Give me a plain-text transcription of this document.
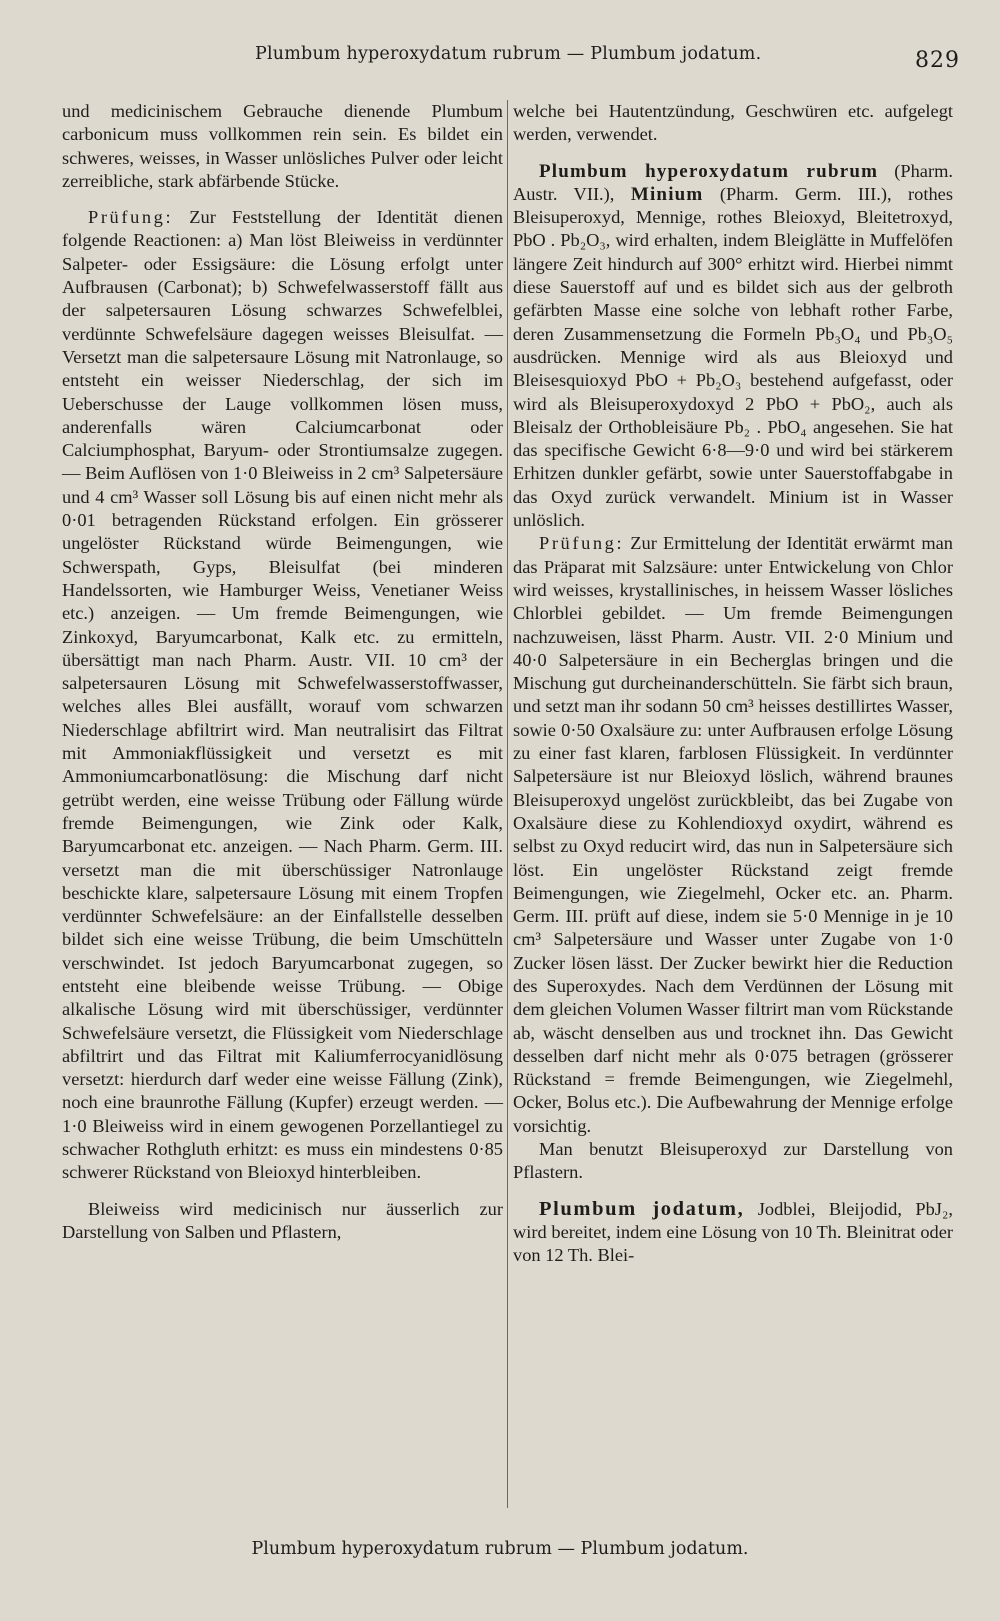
Plumbum hyperoxydatum rubrum — Plumbum jodatum.	829

und medicinischem Gebrauche dienende Plumbum carbonicum muss vollkommen rein sein. Es bildet ein schweres, weisses, in Wasser unlösliches Pulver oder leicht zerreibliche, stark abfärbende Stücke.

Prüfung: Zur Feststellung der Identität dienen folgende Reactionen: a) Man löst Bleiweiss in verdünnter Salpeter- oder Essigsäure: die Lösung erfolgt unter Aufbrausen (Carbonat); b) Schwefelwasserstoff fällt aus der salpetersauren Lösung schwarzes Schwefelblei, verdünnte Schwefelsäure dagegen weisses Bleisulfat. — Versetzt man die salpetersaure Lösung mit Natronlauge, so entsteht ein weisser Niederschlag, der sich im Ueberschusse der Lauge vollkommen lösen muss, anderenfalls wären Calciumcarbonat oder Calciumphosphat, Baryum- oder Strontiumsalze zugegen. — Beim Auflösen von 1·0 Bleiweiss in 2 cm³ Salpetersäure und 4 cm³ Wasser soll Lösung bis auf einen nicht mehr als 0·01 betragenden Rückstand erfolgen. Ein grösserer ungelöster Rückstand würde Beimengungen, wie Schwerspath, Gyps, Bleisulfat (bei minderen Handelssorten, wie Hamburger Weiss, Venetianer Weiss etc.) anzeigen. — Um fremde Beimengungen, wie Zinkoxyd, Baryumcarbonat, Kalk etc. zu ermitteln, übersättigt man nach Pharm. Austr. VII. 10 cm³ der salpetersauren Lösung mit Schwefelwasserstoffwasser, welches alles Blei ausfällt, worauf vom schwarzen Niederschlage abfiltrirt wird. Man neutralisirt das Filtrat mit Ammoniakflüssigkeit und versetzt es mit Ammoniumcarbonatlösung: die Mischung darf nicht getrübt werden, eine weisse Trübung oder Fällung würde fremde Beimengungen, wie Zink oder Kalk, Baryumcarbonat etc. anzeigen. — Nach Pharm. Germ. III. versetzt man die mit überschüssiger Natronlauge beschickte klare, salpetersaure Lösung mit einem Tropfen verdünnter Schwefelsäure: an der Einfallstelle desselben bildet sich eine weisse Trübung, die beim Umschütteln verschwindet. Ist jedoch Baryumcarbonat zugegen, so entsteht eine bleibende weisse Trübung. — Obige alkalische Lösung wird mit überschüssiger, verdünnter Schwefelsäure versetzt, die Flüssigkeit vom Niederschlage abfiltrirt und das Filtrat mit Kaliumferrocyanidlösung versetzt: hierdurch darf weder eine weisse Fällung (Zink), noch eine braunrothe Fällung (Kupfer) erzeugt werden. — 1·0 Bleiweiss wird in einem gewogenen Porzellantiegel zu schwacher Rothgluth erhitzt: es muss ein mindestens 0·85 schwerer Rückstand von Bleioxyd hinterbleiben.

Bleiweiss wird medicinisch nur äusserlich zur Darstellung von Salben und Pflastern,

welche bei Hautentzündung, Geschwüren etc. aufgelegt werden, verwendet.

Plumbum hyperoxydatum rubrum (Pharm. Austr. VII.), Minium (Pharm. Germ. III.), rothes Bleisuperoxyd, Mennige, rothes Bleioxyd, Bleitetroxyd, PbO . Pb₂O₃, wird erhalten, indem Bleiglätte in Muffelöfen längere Zeit hindurch auf 300° erhitzt wird. Hierbei nimmt diese Sauerstoff auf und es bildet sich aus der gelbroth gefärbten Masse eine solche von lebhaft rother Farbe, deren Zusammensetzung die Formeln Pb₃O₄ und Pb₃O₅ ausdrücken. Mennige wird als aus Bleioxyd und Bleisesquioxyd PbO + Pb₂O₃ bestehend aufgefasst, oder wird als Bleisuperoxydoxyd 2 PbO + PbO₂, auch als Bleisalz der Orthobleisäure Pb₂ . PbO₄ angesehen. Sie hat das specifische Gewicht 6·8—9·0 und wird bei stärkerem Erhitzen dunkler gefärbt, sowie unter Sauerstoffabgabe in das Oxyd zurück verwandelt. Minium ist in Wasser unlöslich.

Prüfung: Zur Ermittelung der Identität erwärmt man das Präparat mit Salzsäure: unter Entwickelung von Chlor wird weisses, krystallinisches, in heissem Wasser lösliches Chlorblei gebildet. — Um fremde Beimengungen nachzuweisen, lässt Pharm. Austr. VII. 2·0 Minium und 40·0 Salpetersäure in ein Becherglas bringen und die Mischung gut durcheinanderschütteln. Sie färbt sich braun, und setzt man ihr sodann 50 cm³ heisses destillirtes Wasser, sowie 0·50 Oxalsäure zu: unter Aufbrausen erfolge Lösung zu einer fast klaren, farblosen Flüssigkeit. In verdünnter Salpetersäure ist nur Bleioxyd löslich, während braunes Bleisuperoxyd ungelöst zurückbleibt, das bei Zugabe von Oxalsäure diese zu Kohlendioxyd oxydirt, während es selbst zu Oxyd reducirt wird, das nun in Salpetersäure sich löst. Ein ungelöster Rückstand zeigt fremde Beimengungen, wie Ziegelmehl, Ocker etc. an. Pharm. Germ. III. prüft auf diese, indem sie 5·0 Mennige in je 10 cm³ Salpetersäure und Wasser unter Zugabe von 1·0 Zucker lösen lässt. Der Zucker bewirkt hier die Reduction des Superoxydes. Nach dem Verdünnen der Lösung mit dem gleichen Volumen Wasser filtrirt man vom Rückstande ab, wäscht denselben aus und trocknet ihn. Das Gewicht desselben darf nicht mehr als 0·075 betragen (grösserer Rückstand = fremde Beimengungen, wie Ziegelmehl, Ocker, Bolus etc.). Die Aufbewahrung der Mennige erfolge vorsichtig.

Man benutzt Bleisuperoxyd zur Darstellung von Pflastern.

Plumbum jodatum, Jodblei, Bleijodid, PbJ₂, wird bereitet, indem eine Lösung von 10 Th. Bleinitrat oder von 12 Th. Blei-

Plumbum hyperoxydatum rubrum — Plumbum jodatum.
